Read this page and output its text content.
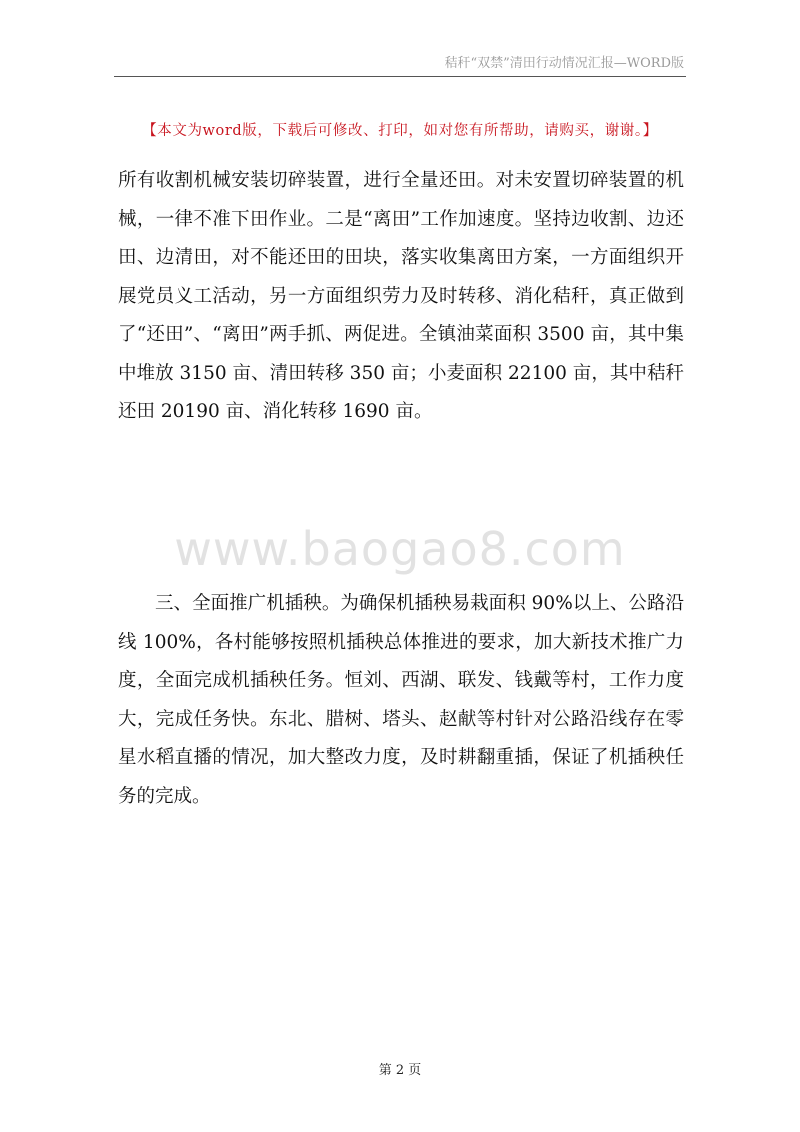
秸秆“双禁”清田行动情况汇报—WORD版
【本文为word版，下载后可修改、打印，如对您有所帮助，请购买，谢谢。】

所有收割机械安装切碎装置，进行全量还田。对未安置切碎装置的机械，一律不准下田作业。二是“离田”工作加速度。坚持边收割、边还田、边清田，对不能还田的田块，落实收集离田方案，一方面组织开展党员义工活动，另一方面组织劳力及时转移、消化秸秆，真正做到了“还田”、“离田”两手抓、两促进。全镇油菜面积 3500 亩，其中集中堆放 3150 亩、清田转移 350 亩；小麦面积 22100 亩，其中秸秆还田 20190 亩、消化转移 1690 亩。

www.baogao8.com

三、全面推广机插秧。为确保机插秧易栽面积 90%以上、公路沿线 100%，各村能够按照机插秧总体推进的要求，加大新技术推广力度，全面完成机插秧任务。恒刘、西湖、联发、钱戴等村，工作力度大，完成任务快。东北、腊树、塔头、赵献等村针对公路沿线存在零星水稻直播的情况，加大整改力度，及时耕翻重插，保证了机插秧任务的完成。

第 2 页
